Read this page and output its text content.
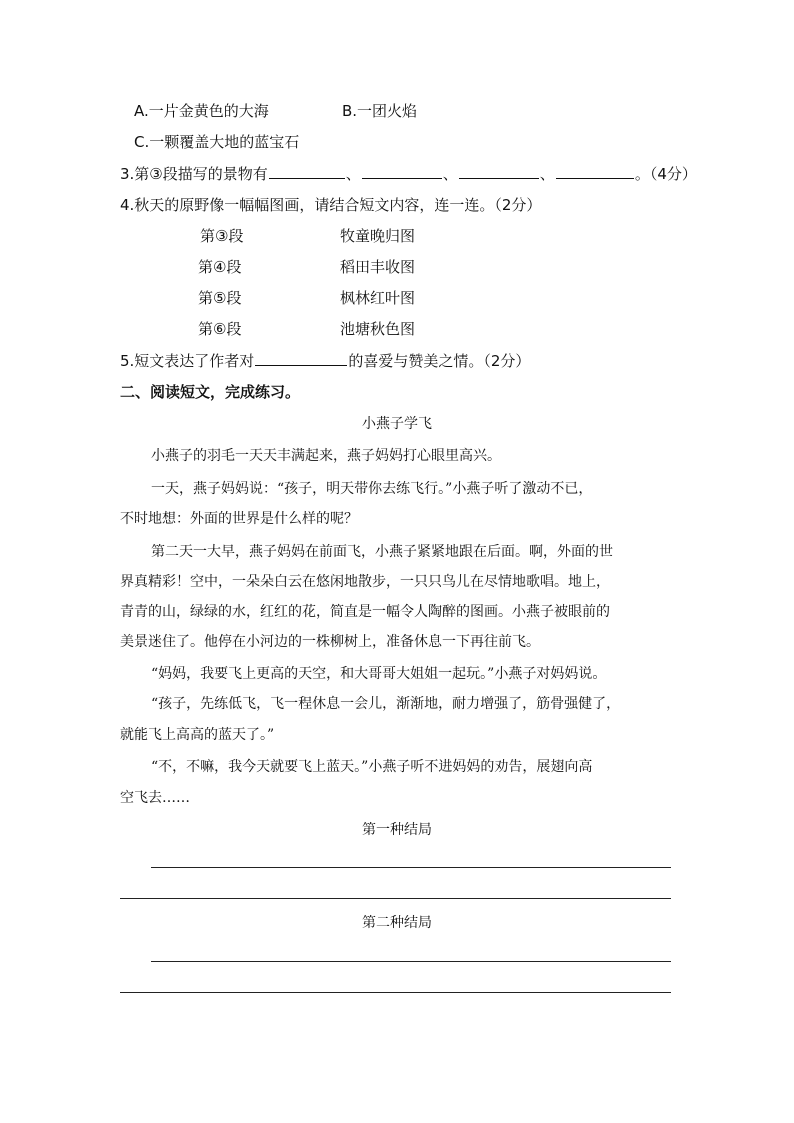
A.一片金黄色的大海	B.一团火焰
C.一颗覆盖大地的蓝宝石
3.第③段描写的景物有	、	、	、	。（4分）
4.秋天的原野像一幅幅图画，请结合短文内容，连一连。（2分）
第③段	牧童晚归图
第④段	稻田丰收图
第⑤段	枫林红叶图
第⑥段	池塘秋色图
5.短文表达了作者对	的喜爱与赞美之情。（2分）
二、阅读短文，完成练习。
小燕子学飞
小燕子的羽毛一天天丰满起来，燕子妈妈打心眼里高兴。
一天，燕子妈妈说：“孩子，明天带你去练飞行。”小燕子听了激动不已，
不时地想：外面的世界是什么样的呢？
第二天一大早，燕子妈妈在前面飞，小燕子紧紧地跟在后面。啊，外面的世
界真精彩！空中，一朵朵白云在悠闲地散步，一只只鸟儿在尽情地歌唱。地上，
青青的山，绿绿的水，红红的花，简直是一幅令人陶醉的图画。小燕子被眼前的
美景迷住了。他停在小河边的一株柳树上，准备休息一下再往前飞。
“妈妈，我要飞上更高的天空，和大哥哥大姐姐一起玩。”小燕子对妈妈说。
“孩子，先练低飞，飞一程休息一会儿，渐渐地，耐力增强了，筋骨强健了，
就能飞上高高的蓝天了。”
“不，不嘛，我今天就要飞上蓝天。”小燕子听不进妈妈的劝告，展翅向高
空飞去……
第一种结局
第二种结局
